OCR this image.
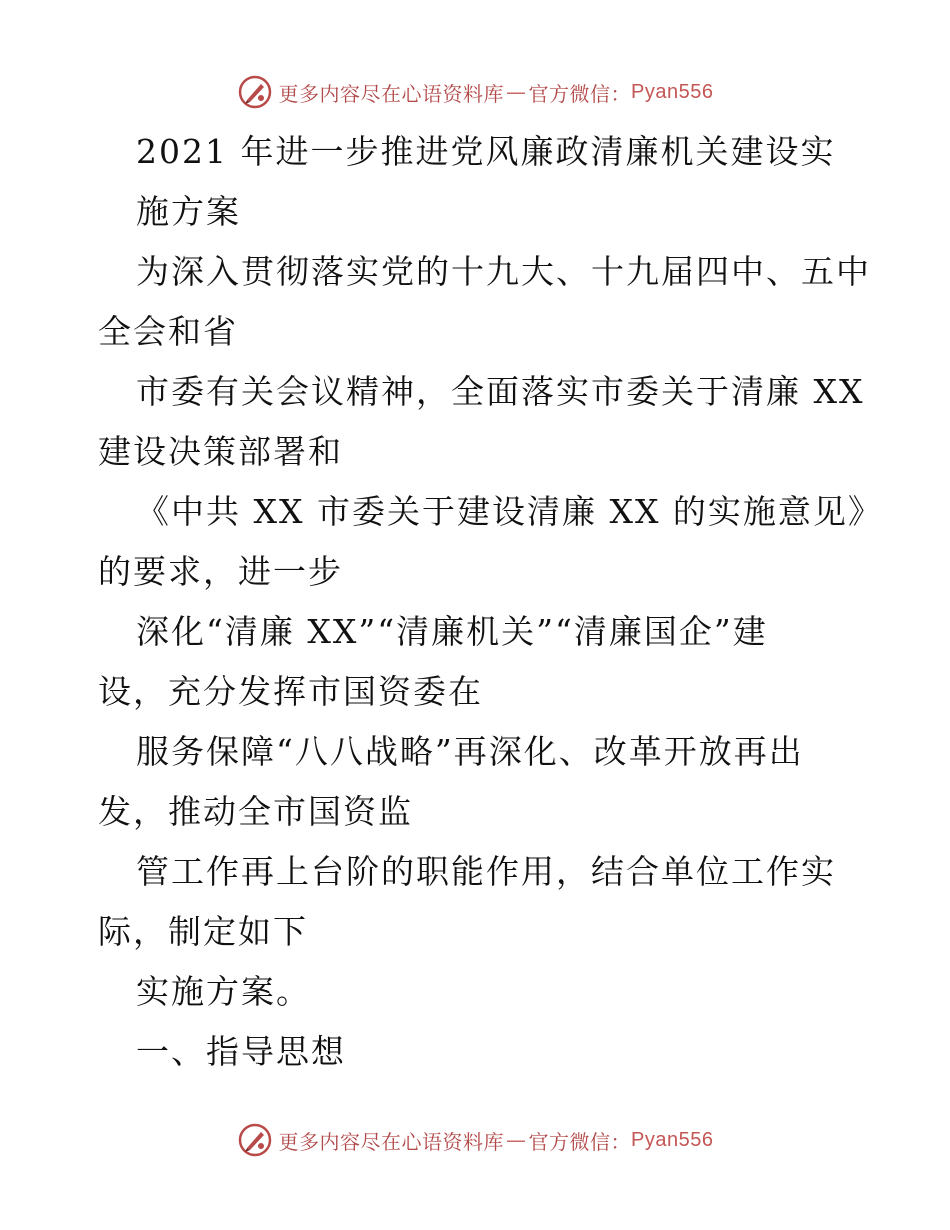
更多内容尽在心语资料库 — 官方微信： Pyan556
2021 年进一步推进党风廉政清廉机关建设实
施方案
为深入贯彻落实党的十九大、十九届四中、五中
全会和省
市委有关会议精神，全面落实市委关于清廉 XX
建设决策部署和
《中共 XX 市委关于建设清廉 XX 的实施意见》
的要求，进一步
深化“清廉 XX”“清廉机关”“清廉国企”建
设，充分发挥市国资委在
服务保障“八八战略”再深化、改革开放再出
发，推动全市国资监
管工作再上台阶的职能作用，结合单位工作实
际，制定如下
实施方案。
一、指导思想
更多内容尽在心语资料库 — 官方微信： Pyan556
